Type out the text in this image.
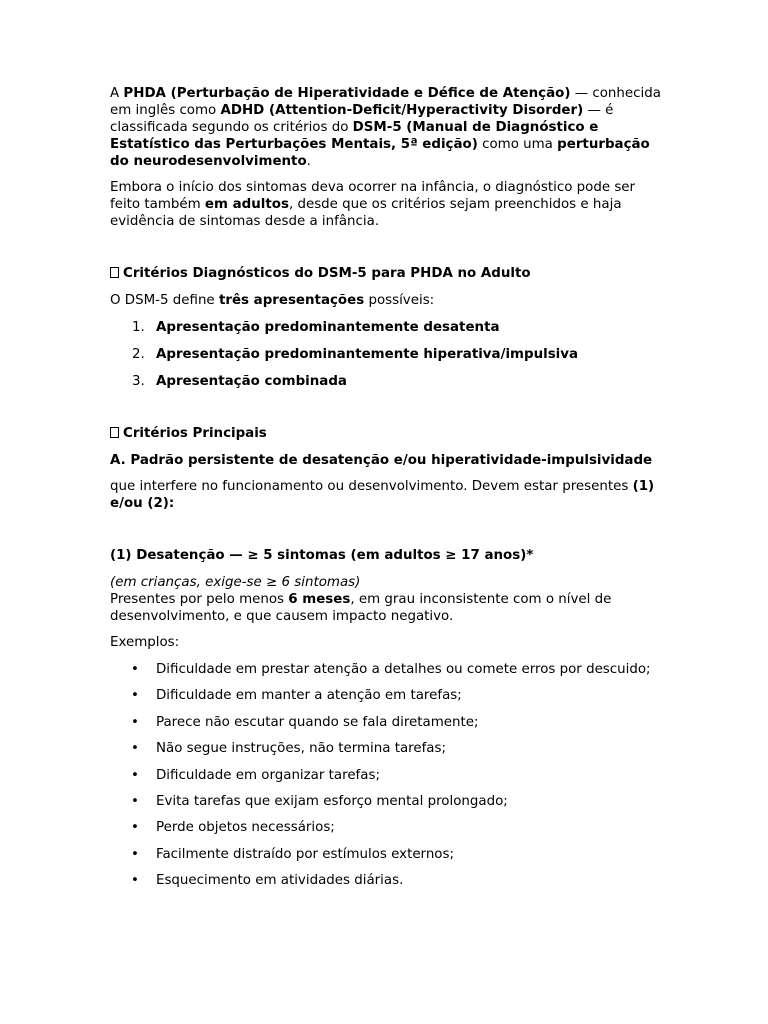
A PHDA (Perturbação de Hiperatividade e Défice de Atenção) — conhecida em inglês como ADHD (Attention-Deficit/Hyperactivity Disorder) — é classificada segundo os critérios do DSM-5 (Manual de Diagnóstico e Estatístico das Perturbações Mentais, 5ª edição) como uma perturbação do neurodesenvolvimento.

Embora o início dos sintomas deva ocorrer na infância, o diagnóstico pode ser feito também em adultos, desde que os critérios sejam preenchidos e haja evidência de sintomas desde a infância.

Critérios Diagnósticos do DSM-5 para PHDA no Adulto

O DSM-5 define três apresentações possíveis:

1. Apresentação predominantemente desatenta
2. Apresentação predominantemente hiperativa/impulsiva
3. Apresentação combinada

Critérios Principais

A. Padrão persistente de desatenção e/ou hiperatividade-impulsividade

que interfere no funcionamento ou desenvolvimento. Devem estar presentes (1) e/ou (2):

(1) Desatenção — ≥ 5 sintomas (em adultos ≥ 17 anos)*

(em crianças, exige-se ≥ 6 sintomas)
Presentes por pelo menos 6 meses, em grau inconsistente com o nível de desenvolvimento, e que causem impacto negativo.

Exemplos:

• Dificuldade em prestar atenção a detalhes ou comete erros por descuido;
• Dificuldade em manter a atenção em tarefas;
• Parece não escutar quando se fala diretamente;
• Não segue instruções, não termina tarefas;
• Dificuldade em organizar tarefas;
• Evita tarefas que exijam esforço mental prolongado;
• Perde objetos necessários;
• Facilmente distraído por estímulos externos;
• Esquecimento em atividades diárias.
